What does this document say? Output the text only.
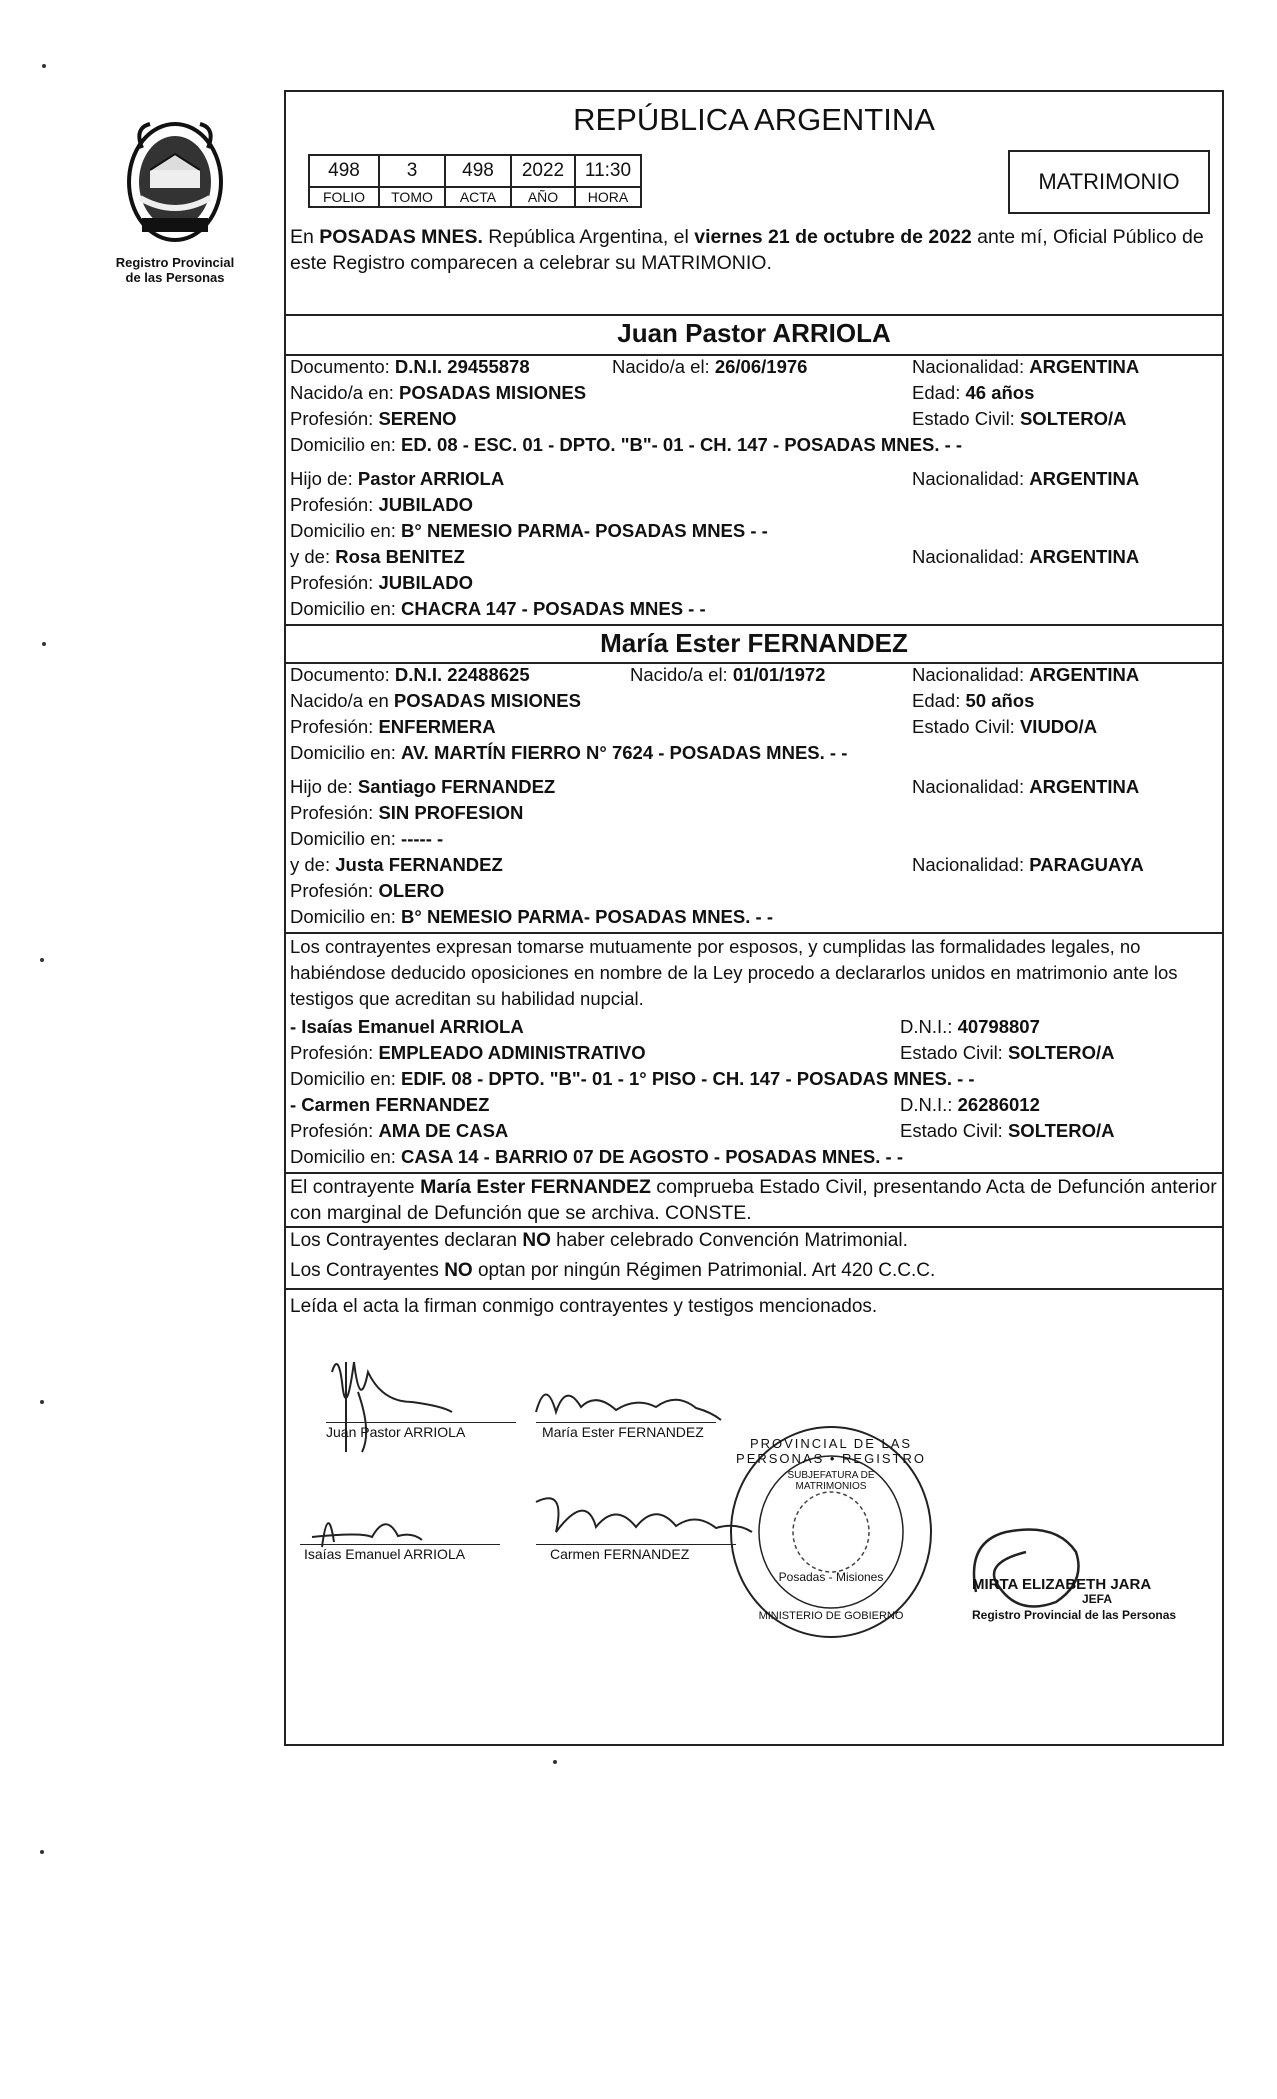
Registro Provincial
de las Personas
REPÚBLICA ARGENTINA
498	3	498	2022	11:30
FOLIO	TOMO	ACTA	AÑO	HORA
MATRIMONIO
En POSADAS MNES. República Argentina, el viernes 21 de octubre de 2022 ante mí, Oficial Público de este Registro comparecen a celebrar su MATRIMONIO.
Juan Pastor ARRIOLA
Documento: D.N.I. 29455878	Nacido/a el: 26/06/1976	Nacionalidad: ARGENTINA
Nacido/a en: POSADAS MISIONES	Edad: 46 años
Profesión: SERENO	Estado Civil: SOLTERO/A
Domicilio en: ED. 08 - ESC. 01 - DPTO. "B"- 01 - CH. 147 - POSADAS MNES. - -
Hijo de: Pastor ARRIOLA	Nacionalidad: ARGENTINA
Profesión: JUBILADO
Domicilio en: B° NEMESIO PARMA- POSADAS MNES - -
y de: Rosa BENITEZ	Nacionalidad: ARGENTINA
Profesión: JUBILADO
Domicilio en: CHACRA 147 - POSADAS MNES - -
María Ester FERNANDEZ
Documento: D.N.I. 22488625	Nacido/a el: 01/01/1972	Nacionalidad: ARGENTINA
Nacido/a en POSADAS MISIONES	Edad: 50 años
Profesión: ENFERMERA	Estado Civil: VIUDO/A
Domicilio en: AV. MARTÍN FIERRO N° 7624 - POSADAS MNES. - -
Hijo de: Santiago FERNANDEZ	Nacionalidad: ARGENTINA
Profesión: SIN PROFESION
Domicilio en: ----- -
y de: Justa FERNANDEZ	Nacionalidad: PARAGUAYA
Profesión: OLERO
Domicilio en: B° NEMESIO PARMA- POSADAS MNES. - -
Los contrayentes expresan tomarse mutuamente por esposos, y cumplidas las formalidades legales, no habiéndose deducido oposiciones en nombre de la Ley procedo a declararlos unidos en matrimonio ante los testigos que acreditan su habilidad nupcial.
- Isaías Emanuel ARRIOLA	D.N.I.: 40798807
Profesión: EMPLEADO ADMINISTRATIVO	Estado Civil: SOLTERO/A
Domicilio en: EDIF. 08 - DPTO. "B"- 01 - 1° PISO - CH. 147 - POSADAS MNES. - -
- Carmen FERNANDEZ	D.N.I.: 26286012
Profesión: AMA DE CASA	Estado Civil: SOLTERO/A
Domicilio en: CASA 14 - BARRIO 07 DE AGOSTO - POSADAS MNES. - -
El contrayente María Ester FERNANDEZ comprueba Estado Civil, presentando Acta de Defunción anterior con marginal de Defunción que se archiva. CONSTE.
Los Contrayentes declaran NO haber celebrado Convención Matrimonial.
Los Contrayentes NO optan por ningún Régimen Patrimonial. Art 420 C.C.C.
Leída el acta la firman conmigo contrayentes y testigos mencionados.
Juan Pastor ARRIOLA	María Ester FERNANDEZ
Isaías Emanuel ARRIOLA	Carmen FERNANDEZ
PROVINCIAL DE LAS PERSONAS • REGISTRO
SUBJEFATURA DE MATRIMONIOS
Posadas - Misiones
MINISTERIO DE GOBIERNO
MIRTA ELIZABETH JARA
JEFA
Registro Provincial de las Personas
